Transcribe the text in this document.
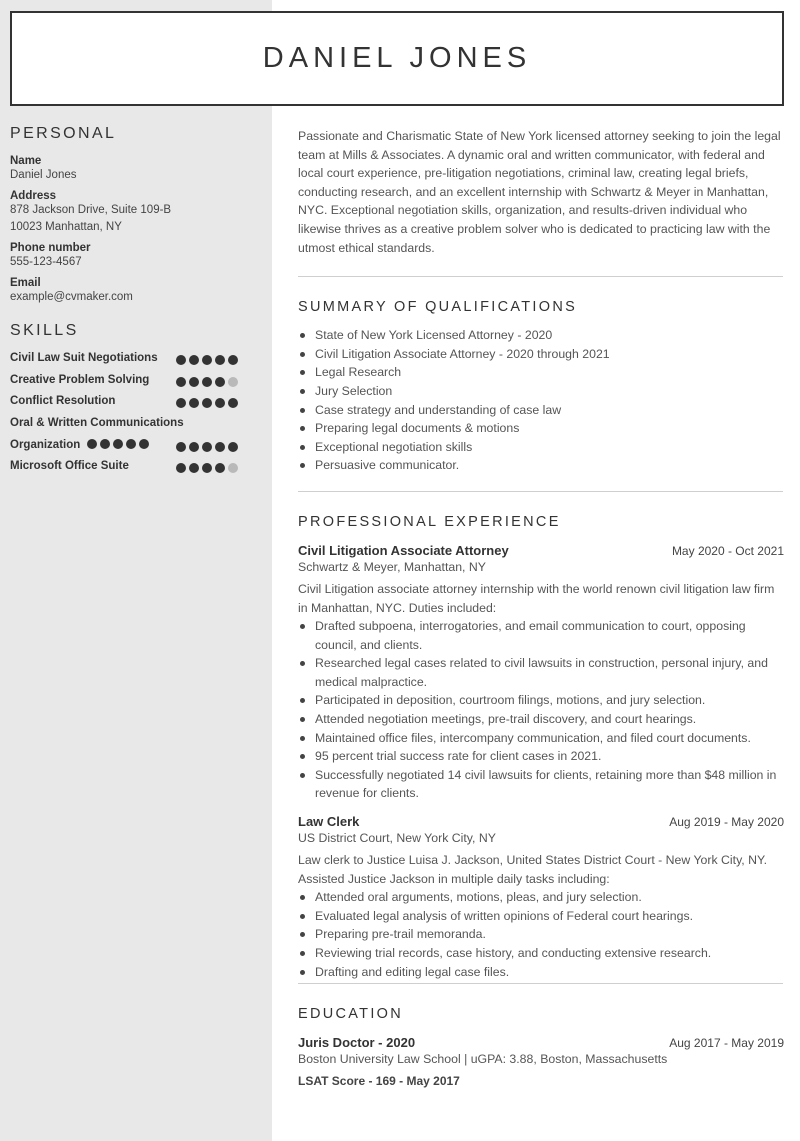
DANIEL JONES
PERSONAL
Name
Daniel Jones
Address
878 Jackson Drive, Suite 109-B
10023 Manhattan, NY
Phone number
555-123-4567
Email
example@cvmaker.com
SKILLS
Civil Law Suit Negotiations
Creative Problem Solving
Conflict Resolution
Oral & Written Communications
Organization
Microsoft Office Suite

Passionate and Charismatic State of New York licensed attorney seeking to join the legal team at Mills & Associates. A dynamic oral and written communicator, with federal and local court experience, pre-litigation negotiations, criminal law, creating legal briefs, conducting research, and an excellent internship with Schwartz & Meyer in Manhattan, NYC. Exceptional negotiation skills, organization, and results-driven individual who likewise thrives as a creative problem solver who is dedicated to practicing law with the utmost ethical standards.

SUMMARY OF QUALIFICATIONS
State of New York Licensed Attorney - 2020
Civil Litigation Associate Attorney - 2020 through 2021
Legal Research
Jury Selection
Case strategy and understanding of case law
Preparing legal documents & motions
Exceptional negotiation skills
Persuasive communicator.
PROFESSIONAL EXPERIENCE
Civil Litigation Associate Attorney	May 2020 - Oct 2021
Schwartz & Meyer, Manhattan, NY

Civil Litigation associate attorney internship with the world renown civil litigation law firm in Manhattan, NYC. Duties included:

Drafted subpoena, interrogatories, and email communication to court, opposing council, and clients.
Researched legal cases related to civil lawsuits in construction, personal injury, and medical malpractice.
Participated in deposition, courtroom filings, motions, and jury selection.
Attended negotiation meetings, pre-trail discovery, and court hearings.
Maintained office files, intercompany communication, and filed court documents.
95 percent trial success rate for client cases in 2021.
Successfully negotiated 14 civil lawsuits for clients, retaining more than $48 million in revenue for clients.
Law Clerk	Aug 2019 - May 2020
US District Court, New York City, NY

Law clerk to Justice Luisa J. Jackson, United States District Court - New York City, NY. Assisted Justice Jackson in multiple daily tasks including:

Attended oral arguments, motions, pleas, and jury selection.
Evaluated legal analysis of written opinions of Federal court hearings.
Preparing pre-trail memoranda.
Reviewing trial records, case history, and conducting extensive research.
Drafting and editing legal case files.
EDUCATION
Juris Doctor - 2020	Aug 2017 - May 2019
Boston University Law School | uGPA: 3.88, Boston, Massachusetts
LSAT Score - 169 - May 2017
